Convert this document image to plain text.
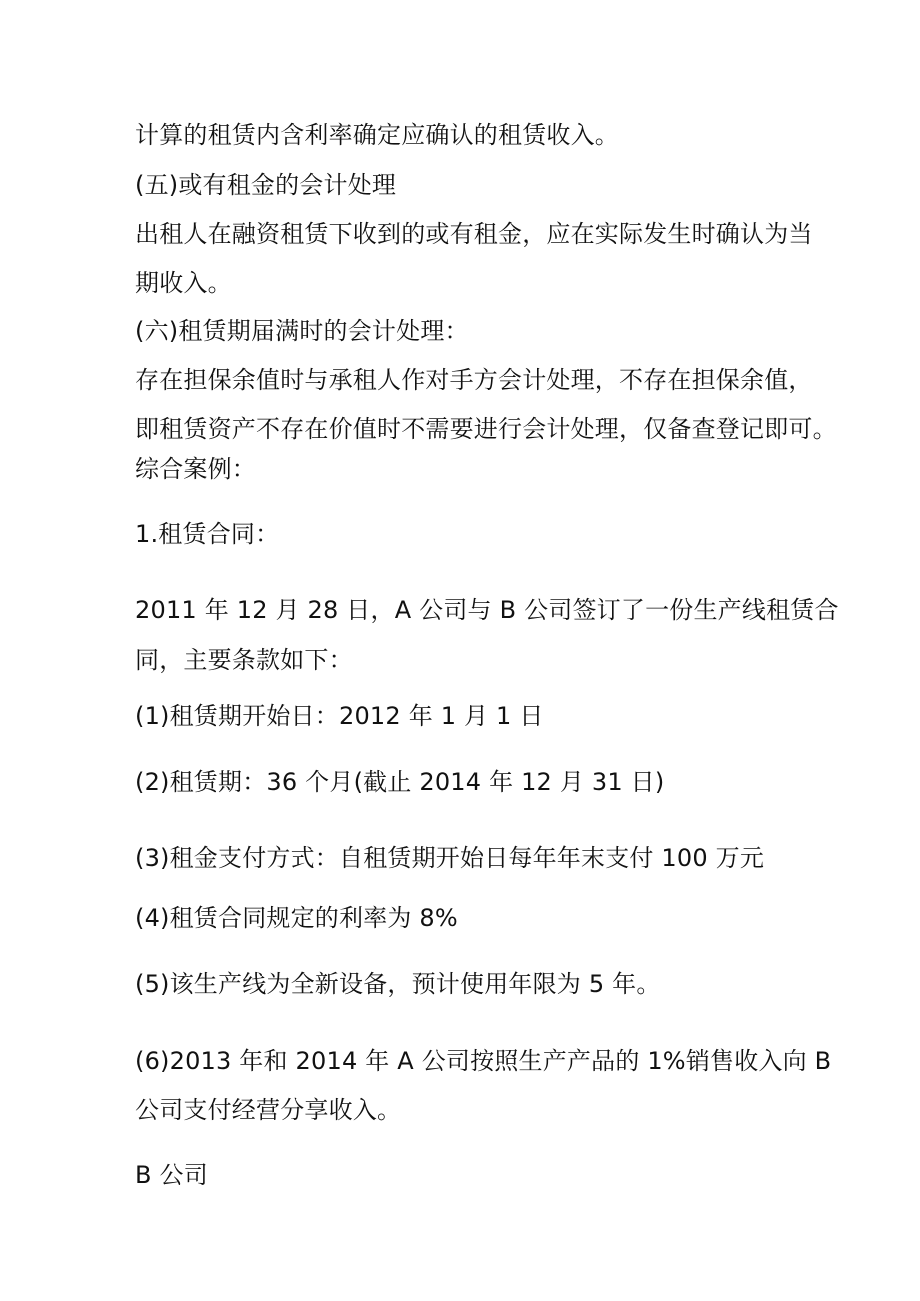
计算的租赁内含利率确定应确认的租赁收入。
(五)或有租金的会计处理
出租人在融资租赁下收到的或有租金，应在实际发生时确认为当
期收入。
(六)租赁期届满时的会计处理：
存在担保余值时与承租人作对手方会计处理，不存在担保余值，
即租赁资产不存在价值时不需要进行会计处理，仅备查登记即可。
综合案例：
1.租赁合同：
2011 年 12 月 28 日，A 公司与 B 公司签订了一份生产线租赁合
同，主要条款如下：
(1)租赁期开始日：2012 年 1 月 1 日
(2)租赁期：36 个月(截止 2014 年 12 月 31 日)
(3)租金支付方式：自租赁期开始日每年年末支付 100 万元
(4)租赁合同规定的利率为 8%
(5)该生产线为全新设备，预计使用年限为 5 年。
(6)2013 年和 2014 年 A 公司按照生产产品的 1%销售收入向 B
公司支付经营分享收入。
B 公司
